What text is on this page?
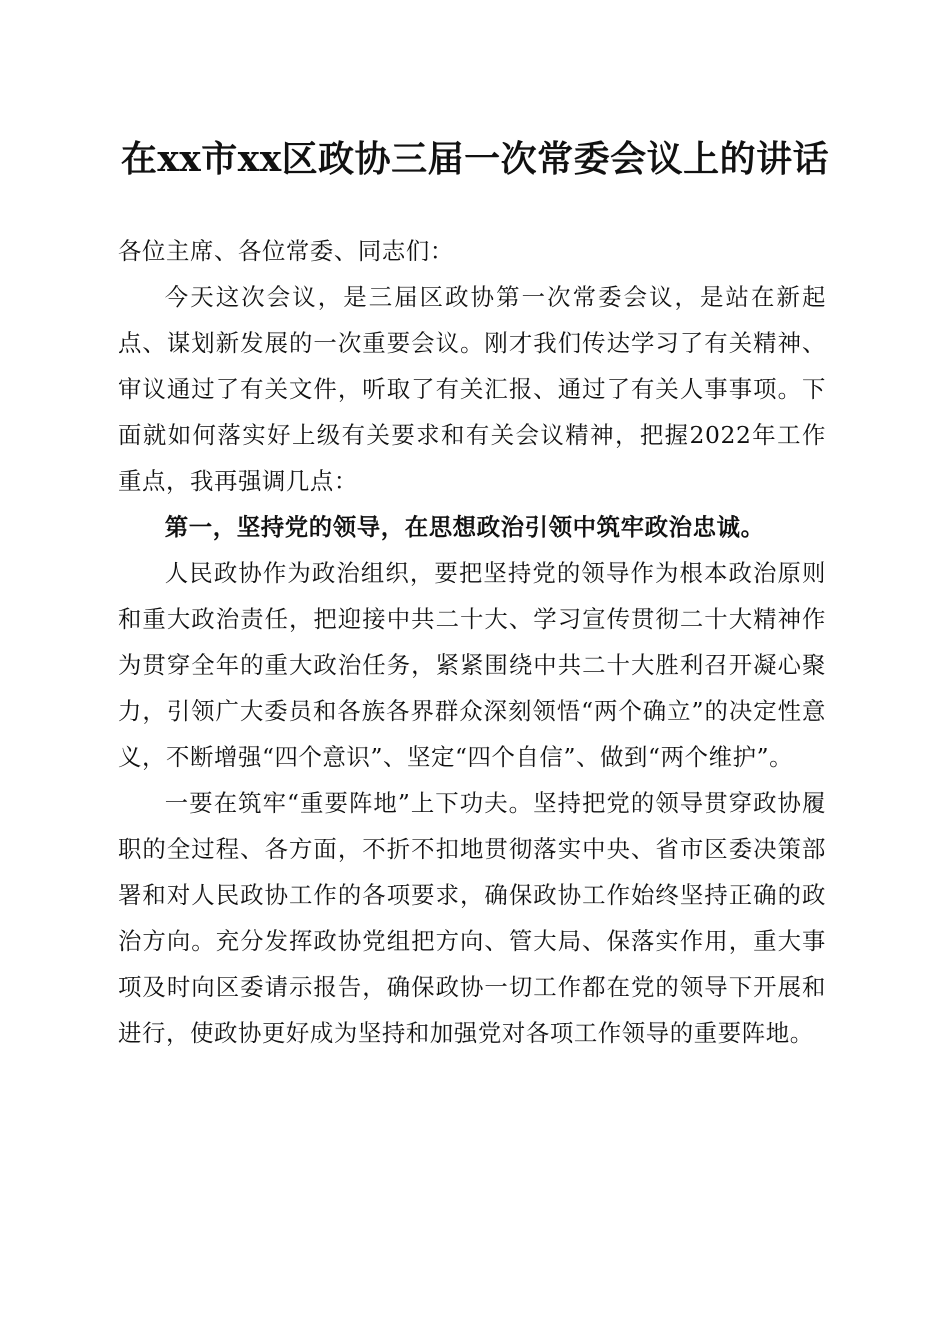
在xx市xx区政协三届一次常委会议上的讲话

各位主席、各位常委、同志们：

今天这次会议，是三届区政协第一次常委会议，是站在新起点、谋划新发展的一次重要会议。刚才我们传达学习了有关精神、审议通过了有关文件，听取了有关汇报、通过了有关人事事项。下面就如何落实好上级有关要求和有关会议精神，把握2022年工作重点，我再强调几点：

第一，坚持党的领导，在思想政治引领中筑牢政治忠诚。

人民政协作为政治组织，要把坚持党的领导作为根本政治原则和重大政治责任，把迎接中共二十大、学习宣传贯彻二十大精神作为贯穿全年的重大政治任务，紧紧围绕中共二十大胜利召开凝心聚力，引领广大委员和各族各界群众深刻领悟“两个确立”的决定性意义，不断增强“四个意识”、坚定“四个自信”、做到“两个维护”。

一要在筑牢“重要阵地”上下功夫。坚持把党的领导贯穿政协履职的全过程、各方面，不折不扣地贯彻落实中央、省市区委决策部署和对人民政协工作的各项要求，确保政协工作始终坚持正确的政治方向。充分发挥政协党组把方向、管大局、保落实作用，重大事项及时向区委请示报告，确保政协一切工作都在党的领导下开展和进行，使政协更好成为坚持和加强党对各项工作领导的重要阵地。
